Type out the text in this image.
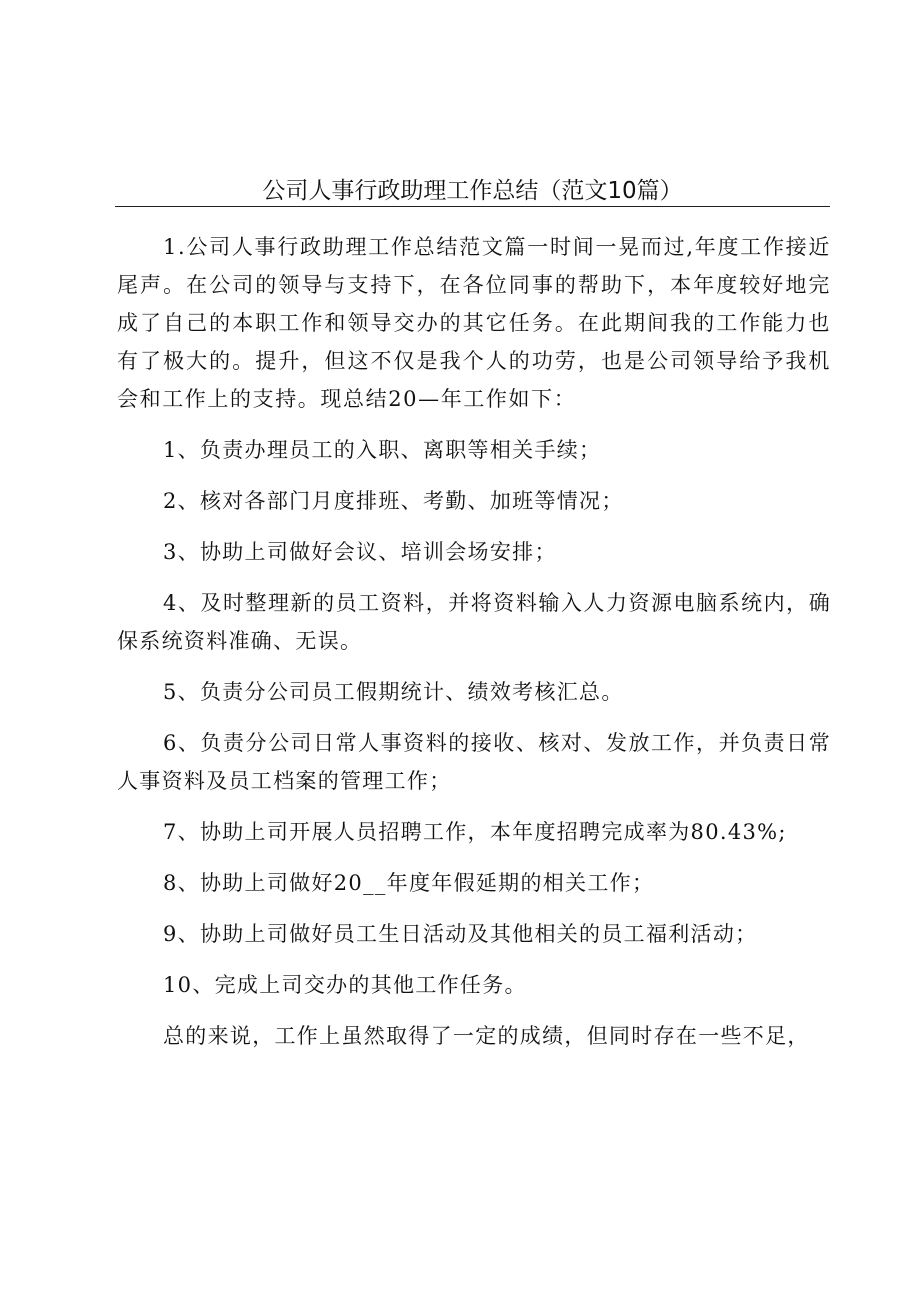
公司人事行政助理工作总结（范文10篇）

1.公司人事行政助理工作总结范文篇一时间一晃而过,年度工作接近尾声。在公司的领导与支持下，在各位同事的帮助下，本年度较好地完成了自己的本职工作和领导交办的其它任务。在此期间我的工作能力也有了极大的。提升，但这不仅是我个人的功劳，也是公司领导给予我机会和工作上的支持。现总结20—年工作如下：

1、负责办理员工的入职、离职等相关手续；

2、核对各部门月度排班、考勤、加班等情况；

3、协助上司做好会议、培训会场安排；

4、及时整理新的员工资料，并将资料输入人力资源电脑系统内，确保系统资料准确、无误。

5、负责分公司员工假期统计、绩效考核汇总。

6、负责分公司日常人事资料的接收、核对、发放工作，并负责日常人事资料及员工档案的管理工作；

7、协助上司开展人员招聘工作，本年度招聘完成率为80.43%;

8、协助上司做好20__年度年假延期的相关工作；

9、协助上司做好员工生日活动及其他相关的员工福利活动；

10、完成上司交办的其他工作任务。

总的来说，工作上虽然取得了一定的成绩，但同时存在一些不足，
